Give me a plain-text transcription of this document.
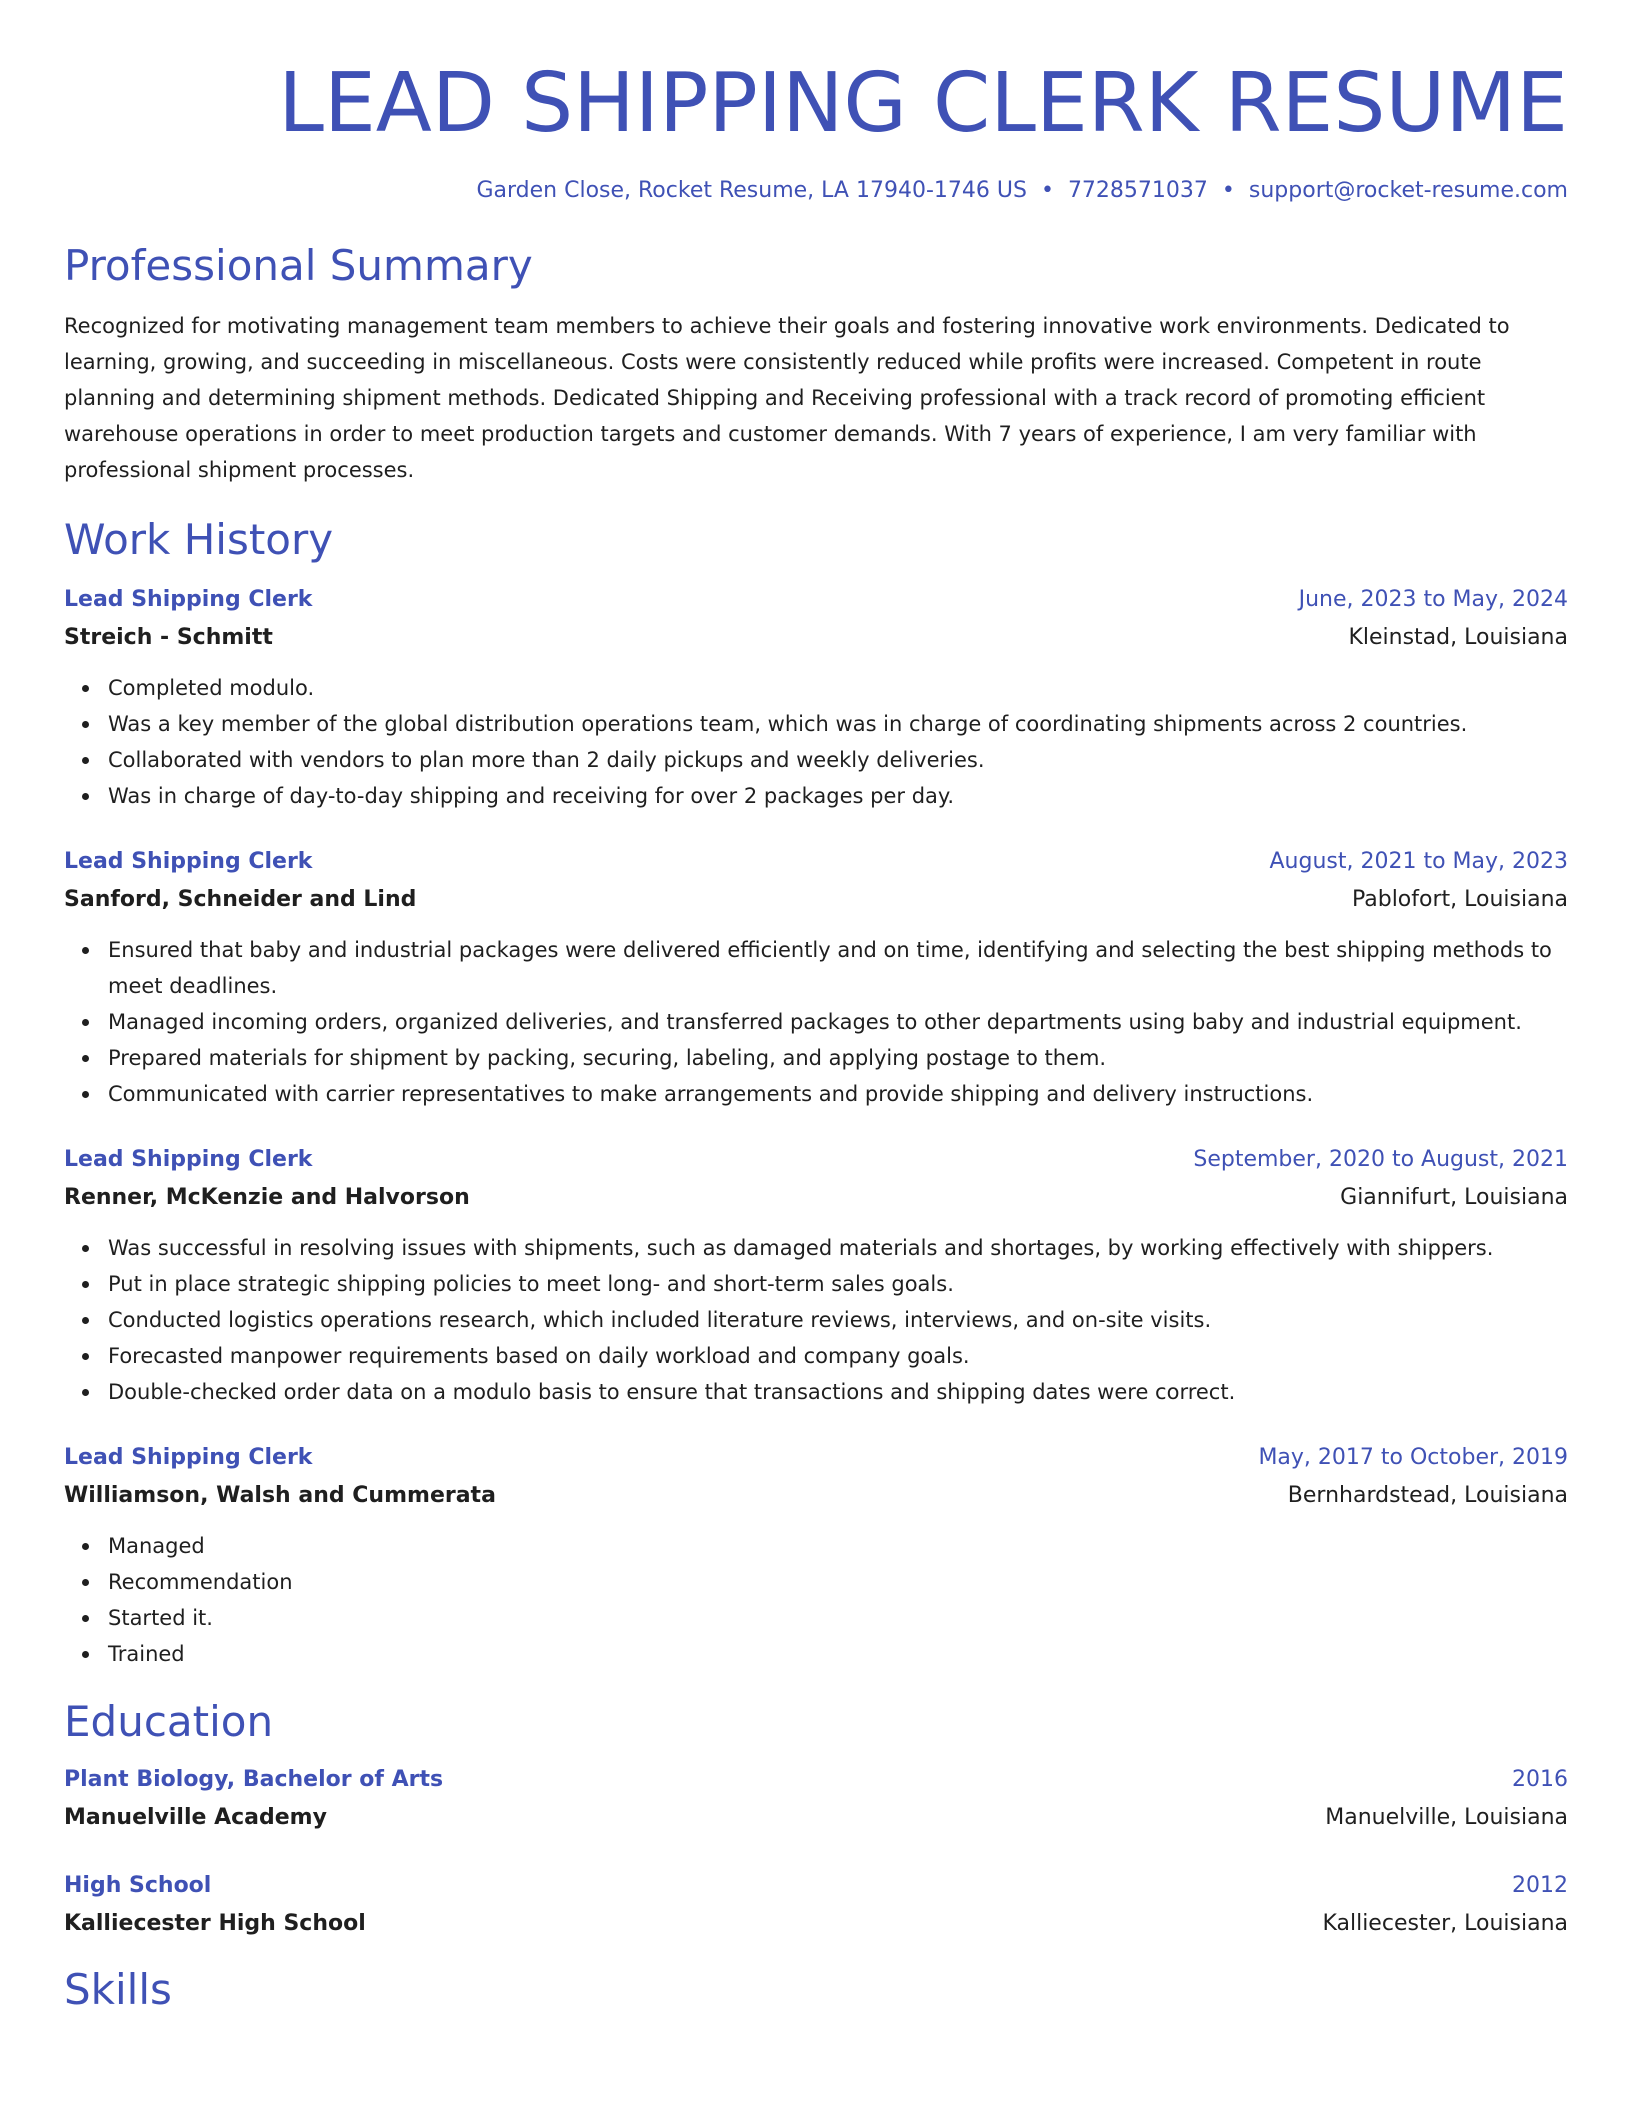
LEAD SHIPPING CLERK RESUME
Garden Close, Rocket Resume, LA 17940-1746 US • 7728571037 • support@rocket-resume.com
Professional Summary
Recognized for motivating management team members to achieve their goals and fostering innovative work environments. Dedicated to learning, growing, and succeeding in miscellaneous. Costs were consistently reduced while profits were increased. Competent in route planning and determining shipment methods. Dedicated Shipping and Receiving professional with a track record of promoting efficient warehouse operations in order to meet production targets and customer demands. With 7 years of experience, I am very familiar with professional shipment processes.
Work History
Lead Shipping Clerk	June, 2023 to May, 2024
Streich - Schmitt	Kleinstad, Louisiana
Completed modulo.
Was a key member of the global distribution operations team, which was in charge of coordinating shipments across 2 countries.
Collaborated with vendors to plan more than 2 daily pickups and weekly deliveries.
Was in charge of day-to-day shipping and receiving for over 2 packages per day.
Lead Shipping Clerk	August, 2021 to May, 2023
Sanford, Schneider and Lind	Pablofort, Louisiana
Ensured that baby and industrial packages were delivered efficiently and on time, identifying and selecting the best shipping methods to meet deadlines.
Managed incoming orders, organized deliveries, and transferred packages to other departments using baby and industrial equipment.
Prepared materials for shipment by packing, securing, labeling, and applying postage to them.
Communicated with carrier representatives to make arrangements and provide shipping and delivery instructions.
Lead Shipping Clerk	September, 2020 to August, 2021
Renner, McKenzie and Halvorson	Giannifurt, Louisiana
Was successful in resolving issues with shipments, such as damaged materials and shortages, by working effectively with shippers.
Put in place strategic shipping policies to meet long- and short-term sales goals.
Conducted logistics operations research, which included literature reviews, interviews, and on-site visits.
Forecasted manpower requirements based on daily workload and company goals.
Double-checked order data on a modulo basis to ensure that transactions and shipping dates were correct.
Lead Shipping Clerk	May, 2017 to October, 2019
Williamson, Walsh and Cummerata	Bernhardstead, Louisiana
Managed
Recommendation
Started it.
Trained
Education
Plant Biology, Bachelor of Arts	2016
Manuelville Academy	Manuelville, Louisiana
High School	2012
Kalliecester High School	Kalliecester, Louisiana
Skills
